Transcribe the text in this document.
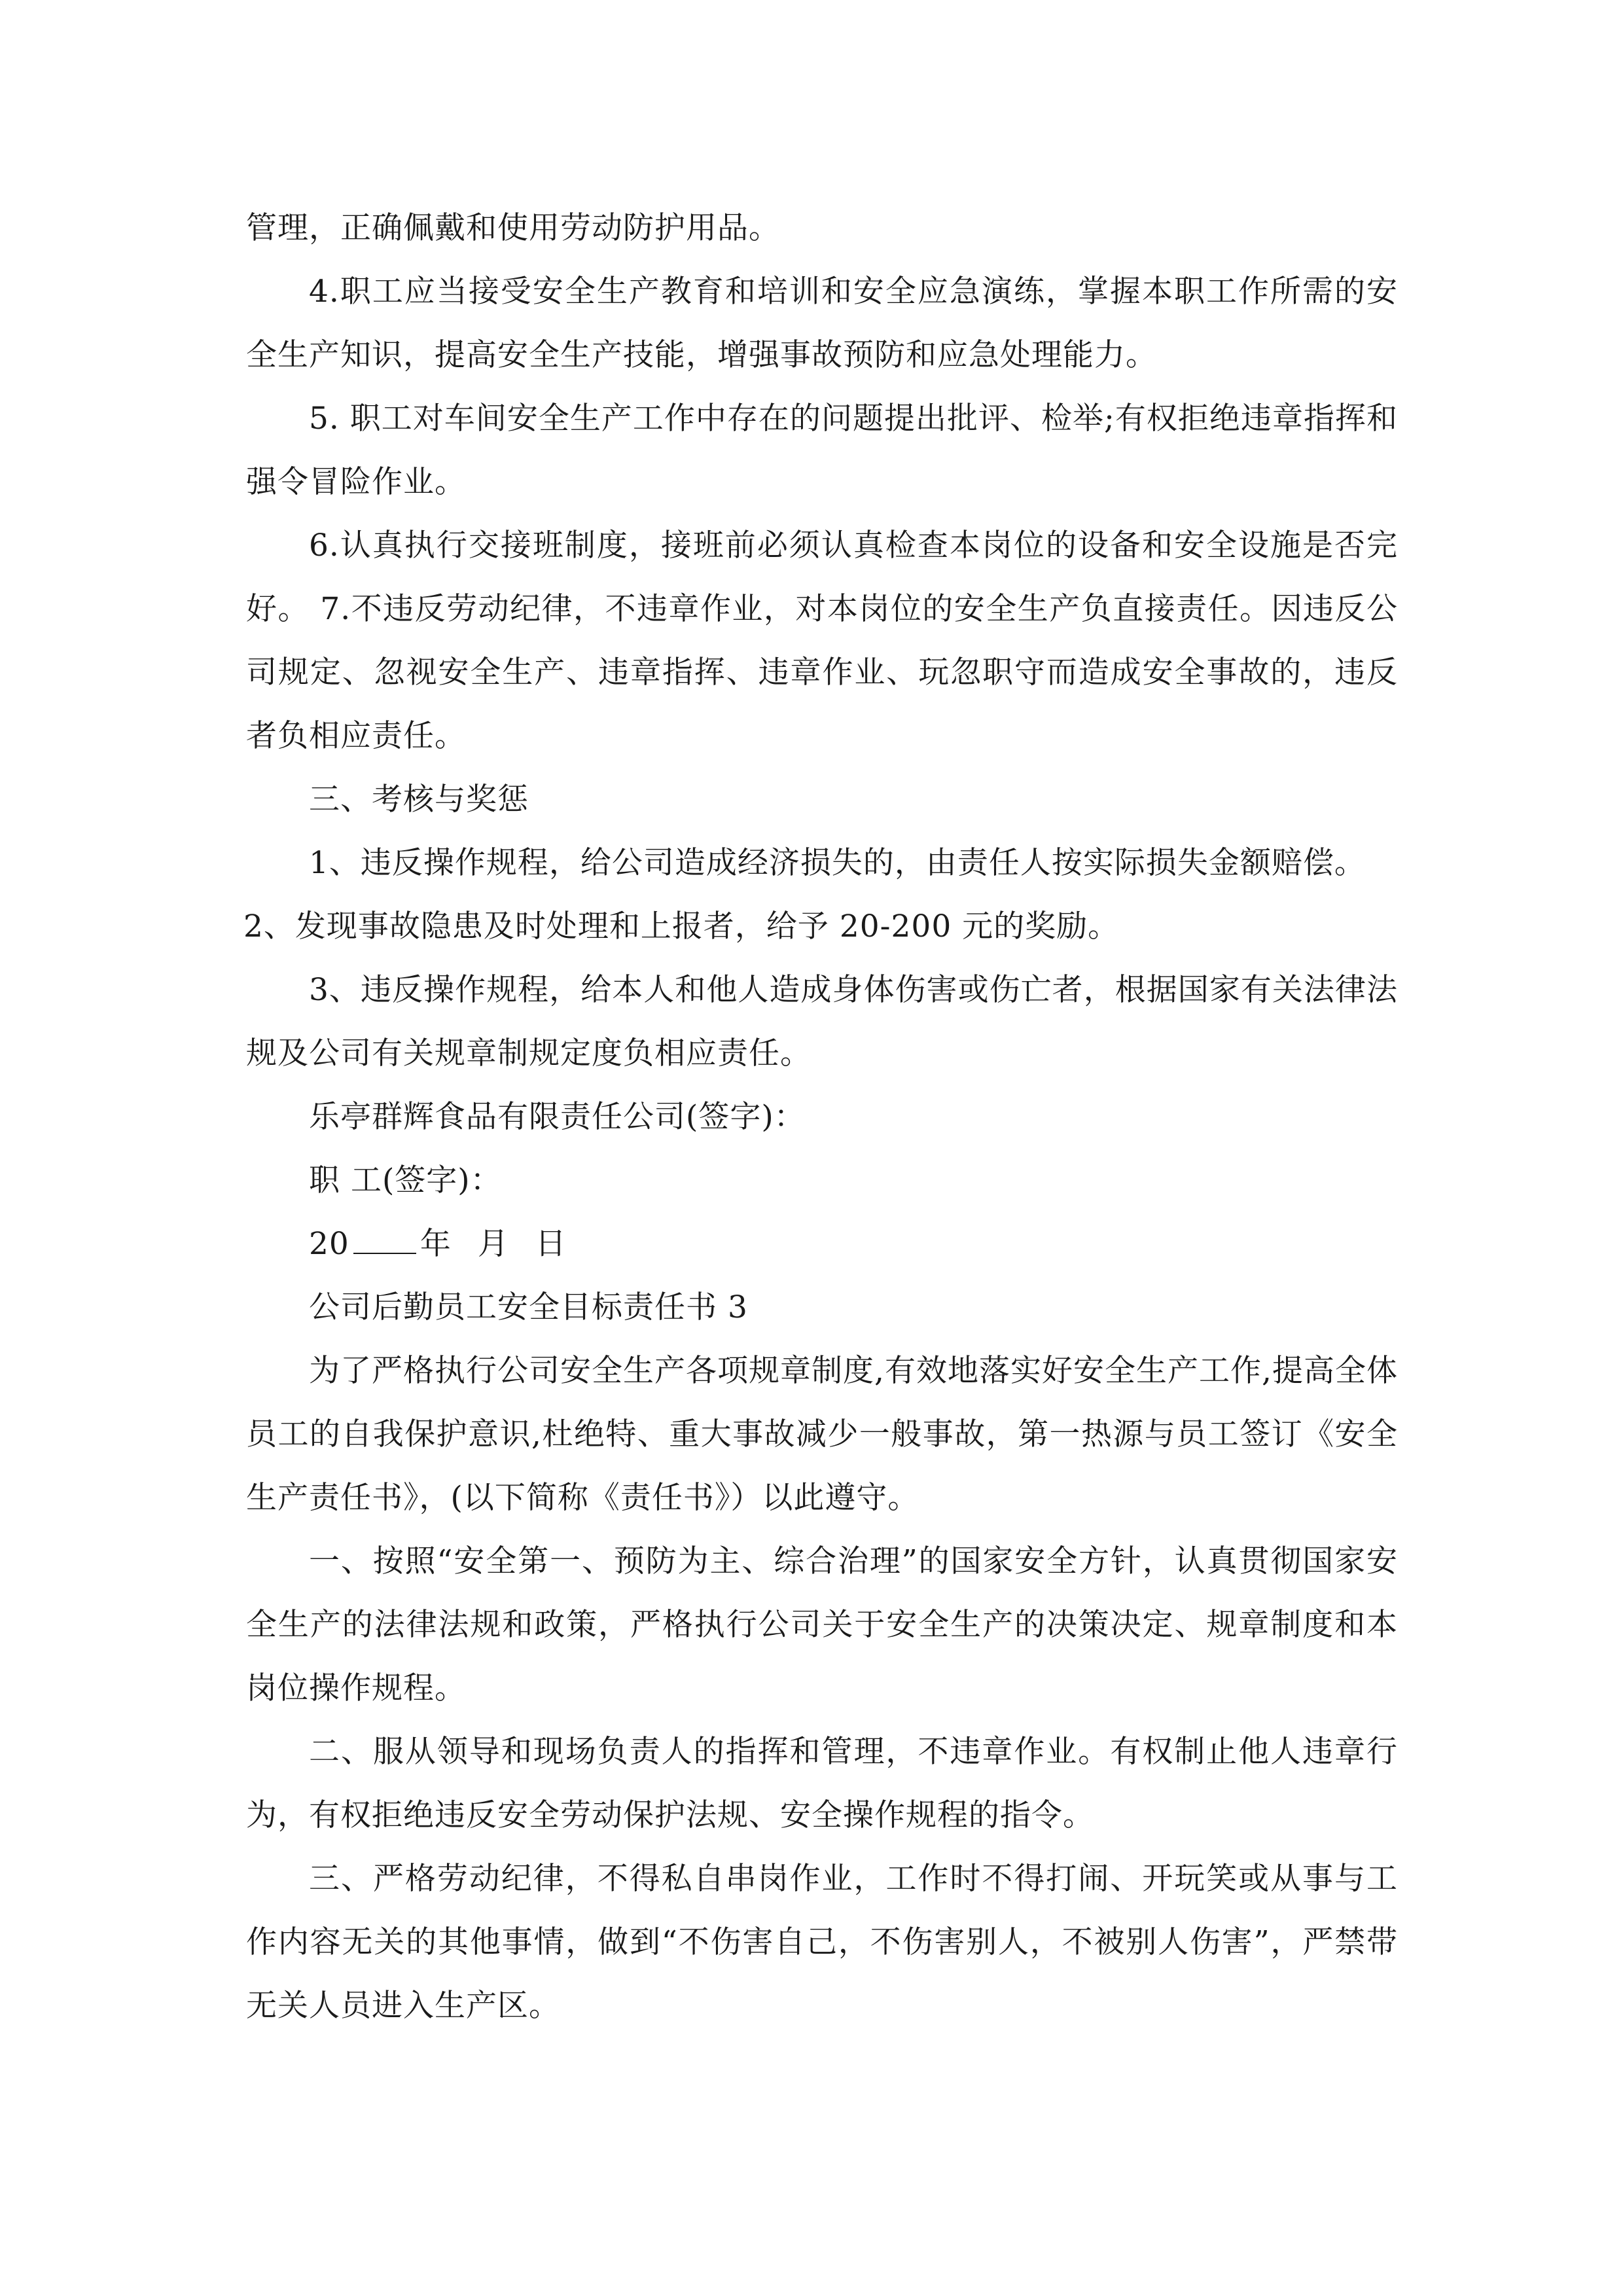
管理，正确佩戴和使用劳动防护用品。

4.职工应当接受安全生产教育和培训和安全应急演练，掌握本职工作所需的安全生产知识，提高安全生产技能，增强事故预防和应急处理能力。

5. 职工对车间安全生产工作中存在的问题提出批评、检举;有权拒绝违章指挥和强令冒险作业。

6.认真执行交接班制度，接班前必须认真检查本岗位的设备和安全设施是否完好。 7.不违反劳动纪律，不违章作业，对本岗位的安全生产负直接责任。因违反公司规定、忽视安全生产、违章指挥、违章作业、玩忽职守而造成安全事故的，违反者负相应责任。

三、考核与奖惩

1、违反操作规程，给公司造成经济损失的，由责任人按实际损失金额赔偿。

2、发现事故隐患及时处理和上报者，给予 20-200 元的奖励。

3、违反操作规程，给本人和他人造成身体伤害或伤亡者，根据国家有关法律法规及公司有关规章制规定度负相应责任。

乐亭群辉食品有限责任公司(签字)：

职 工(签字)：

20 年 月 日

公司后勤员工安全目标责任书 3

为了严格执行公司安全生产各项规章制度,有效地落实好安全生产工作,提高全体员工的自我保护意识,杜绝特、重大事故减少一般事故，第一热源与员工签订《安全生产责任书》，(以下简称《责任书》）以此遵守。

一、按照“安全第一、预防为主、综合治理”的国家安全方针，认真贯彻国家安全生产的法律法规和政策，严格执行公司关于安全生产的决策决定、规章制度和本岗位操作规程。

二、服从领导和现场负责人的指挥和管理，不违章作业。有权制止他人违章行为，有权拒绝违反安全劳动保护法规、安全操作规程的指令。

三、严格劳动纪律，不得私自串岗作业，工作时不得打闹、开玩笑或从事与工作内容无关的其他事情，做到“不伤害自己，不伤害别人，不被别人伤害”，严禁带无关人员进入生产区。
